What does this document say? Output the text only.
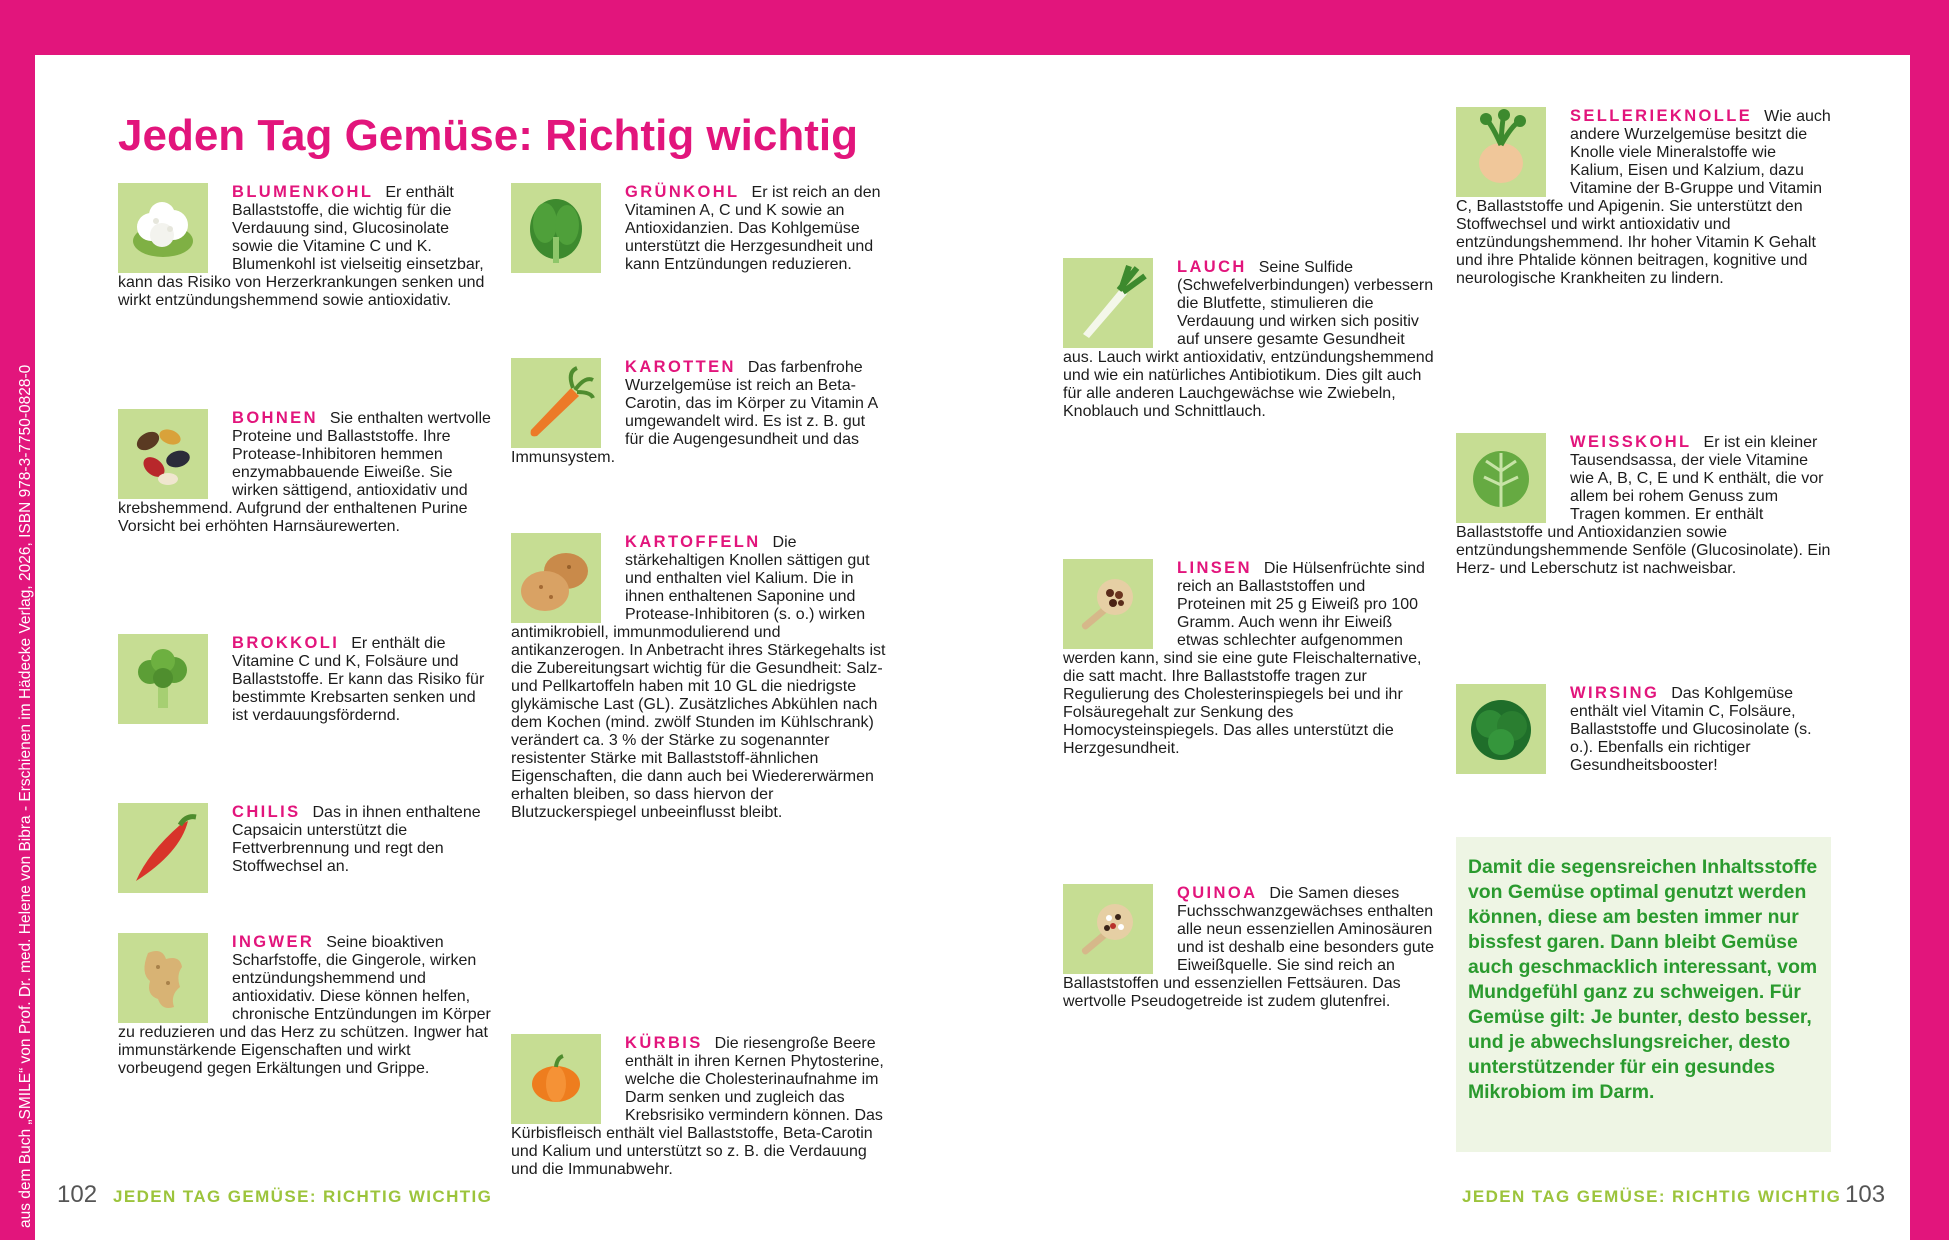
aus dem Buch „SMILE“ von Prof. Dr. med. Helene von Bibra - Erschienen im Hädecke Verlag, 2026, ISBN 978-3-7750-0828-0
Jeden Tag Gemüse: Richtig wichtig

BLUMENKOHL Er enthält Ballaststoffe, die wichtig für die Verdauung sind, Glucosinolate sowie die Vitamine C und K. Blumenkohl ist vielseitig einsetzbar, kann das Risiko von Herzerkrankungen senken und wirkt entzündungshemmend sowie antioxidativ.

BOHNEN Sie enthalten wertvolle Proteine und Ballaststoffe. Ihre Protease-Inhibitoren hemmen enzymabbauende Eiweiße. Sie wirken sättigend, antioxidativ und krebshemmend. Aufgrund der enthaltenen Purine Vorsicht bei erhöhten Harnsäurewerten.

BROKKOLI Er enthält die Vitamine C und K, Folsäure und Ballaststoffe. Er kann das Risiko für bestimmte Krebsarten senken und ist verdauungsfördernd.

CHILIS Das in ihnen enthaltene Capsaicin unterstützt die Fettverbrennung und regt den Stoffwechsel an.

INGWER Seine bioaktiven Scharfstoffe, die Gingerole, wirken entzündungshemmend und antioxidativ. Diese können helfen, chronische Entzündungen im Körper zu reduzieren und das Herz zu schützen. Ingwer hat immunstärkende Eigenschaften und wirkt vorbeugend gegen Erkältungen und Grippe.

GRÜNKOHL Er ist reich an den Vitaminen A, C und K sowie an Antioxidanzien. Das Kohlgemüse unterstützt die Herzgesundheit und kann Entzündungen reduzieren.

KAROTTEN Das farbenfrohe Wurzelgemüse ist reich an Beta-Carotin, das im Körper zu Vitamin A umgewandelt wird. Es ist z. B. gut für die Augengesundheit und das Immunsystem.

KARTOFFELN Die stärkehaltigen Knollen sättigen gut und enthalten viel Kalium. Die in ihnen enthaltenen Saponine und Protease-Inhibitoren (s. o.) wirken antimikrobiell, immunmodulierend und antikanzerogen. In Anbetracht ihres Stärkegehalts ist die Zubereitungsart wichtig für die Gesundheit: Salz- und Pellkartoffeln haben mit 10 GL die niedrigste glykämische Last (GL). Zusätzliches Abkühlen nach dem Kochen (mind. zwölf Stunden im Kühlschrank) verändert ca. 3 % der Stärke zu sogenannter resistenter Stärke mit Ballaststoff-ähnlichen Eigenschaften, die dann auch bei Wiedererwärmen erhalten bleiben, so dass hiervon der Blutzuckerspiegel unbeeinflusst bleibt.

KÜRBIS Die riesengroße Beere enthält in ihren Kernen Phytosterine, welche die Cholesterinaufnahme im Darm senken und zugleich das Krebsrisiko vermindern können. Das Kürbisfleisch enthält viel Ballaststoffe, Beta-Carotin und Kalium und unterstützt so z. B. die Verdauung und die Immunabwehr.

LAUCH Seine Sulfide (Schwefelverbindungen) verbessern die Blutfette, stimulieren die Verdauung und wirken sich positiv auf unsere gesamte Gesundheit aus. Lauch wirkt antioxidativ, entzündungshemmend und wie ein natürliches Antibiotikum. Dies gilt auch für alle anderen Lauchgewächse wie Zwiebeln, Knoblauch und Schnittlauch.

LINSEN Die Hülsenfrüchte sind reich an Ballaststoffen und Proteinen mit 25 g Eiweiß pro 100 Gramm. Auch wenn ihr Eiweiß etwas schlechter aufgenommen werden kann, sind sie eine gute Fleischalternative, die satt macht. Ihre Ballaststoffe tragen zur Regulierung des Cholesterinspiegels bei und ihr Folsäuregehalt zur Senkung des Homocysteinspiegels. Das alles unterstützt die Herzgesundheit.

QUINOA Die Samen dieses Fuchsschwanzgewächses enthalten alle neun essenziellen Aminosäuren und ist deshalb eine besonders gute Eiweißquelle. Sie sind reich an Ballaststoffen und essenziellen Fettsäuren. Das wertvolle Pseudogetreide ist zudem glutenfrei.

SELLERIEKNOLLE Wie auch andere Wurzelgemüse besitzt die Knolle viele Mineralstoffe wie Kalium, Eisen und Kalzium, dazu Vitamine der B-Gruppe und Vitamin C, Ballaststoffe und Apigenin. Sie unterstützt den Stoffwechsel und wirkt antioxidativ und entzündungshemmend. Ihr hoher Vitamin K Gehalt und ihre Phtalide können beitragen, kognitive und neurologische Krankheiten zu lindern.

WEISSKOHL Er ist ein kleiner Tausendsassa, der viele Vitamine wie A, B, C, E und K enthält, die vor allem bei rohem Genuss zum Tragen kommen. Er enthält Ballaststoffe und Antioxidanzien sowie entzündungshemmende Senföle (Glucosinolate). Ein Herz- und Leberschutz ist nachweisbar.

WIRSING Das Kohlgemüse enthält viel Vitamin C, Folsäure, Ballaststoffe und Glucosinolate (s. o.). Ebenfalls ein richtiger Gesundheitsbooster!

Damit die segensreichen Inhaltsstoffe von Gemüse optimal genutzt werden können, diese am besten immer nur bissfest garen. Dann bleibt Gemüse auch geschmacklich interessant, vom Mundgefühl ganz zu schweigen. Für Gemüse gilt: Je bunter, desto besser, und je abwechslungsreicher, desto unterstützender für ein gesundes Mikrobiom im Darm.

102 JEDEN TAG GEMÜSE: RICHTIG WICHTIG	JEDEN TAG GEMÜSE: RICHTIG WICHTIG 103
